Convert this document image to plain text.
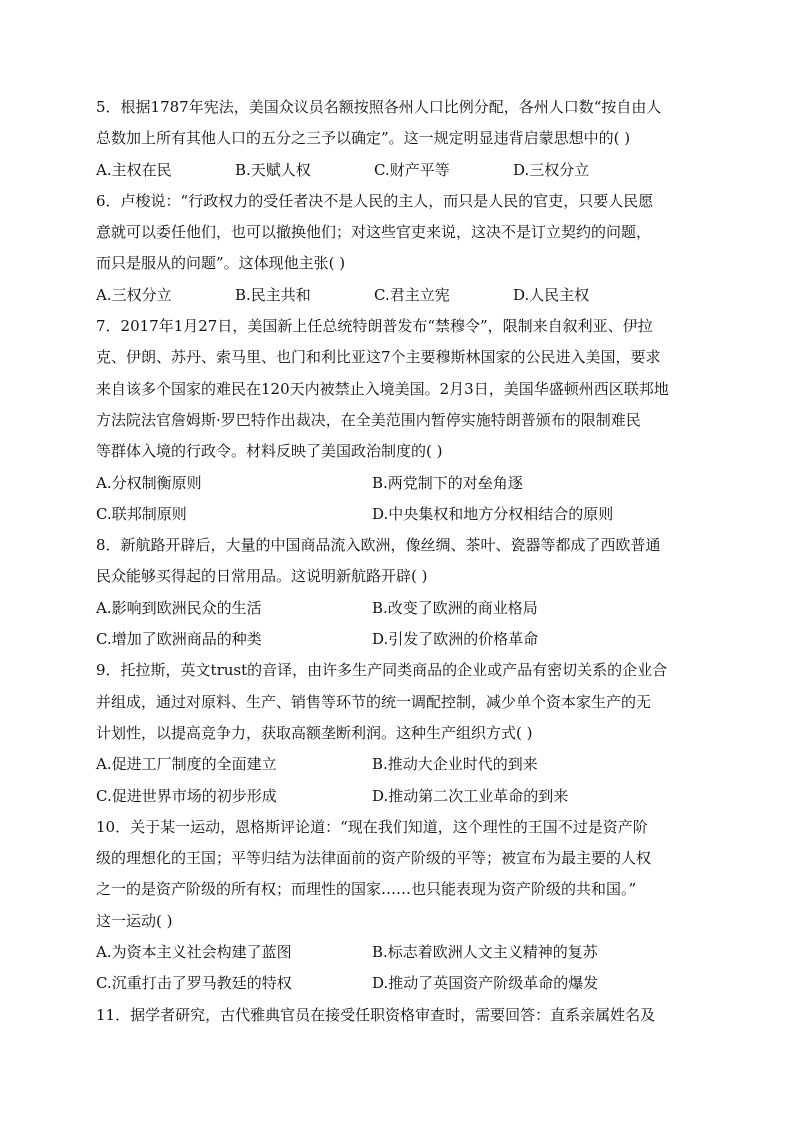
5．根据1787年宪法，美国众议员名额按照各州人口比例分配，各州人口数“按自由人
总数加上所有其他人口的五分之三予以确定”。这一规定明显违背启蒙思想中的( )
A.主权在民	B.天赋人权	C.财产平等	D.三权分立
6．卢梭说：“行政权力的受任者决不是人民的主人，而只是人民的官吏，只要人民愿
意就可以委任他们，也可以撤换他们；对这些官吏来说，这决不是订立契约的问题，
而只是服从的问题”。这体现他主张( )
A.三权分立	B.民主共和	C.君主立宪	D.人民主权
7．2017年1月27日，美国新上任总统特朗普发布“禁穆令”，限制来自叙利亚、伊拉
克、伊朗、苏丹、索马里、也门和利比亚这7个主要穆斯林国家的公民进入美国，要求
来自该多个国家的难民在120天内被禁止入境美国。2月3日，美国华盛顿州西区联邦地
方法院法官詹姆斯·罗巴特作出裁决，在全美范围内暂停实施特朗普颁布的限制难民
等群体入境的行政令。材料反映了美国政治制度的( )
A.分权制衡原则	B.两党制下的对垒角逐
C.联邦制原则	D.中央集权和地方分权相结合的原则
8．新航路开辟后，大量的中国商品流入欧洲，像丝绸、茶叶、瓷器等都成了西欧普通
民众能够买得起的日常用品。这说明新航路开辟( )
A.影响到欧洲民众的生活	B.改变了欧洲的商业格局
C.增加了欧洲商品的种类	D.引发了欧洲的价格革命
9．托拉斯，英文trust的音译，由许多生产同类商品的企业或产品有密切关系的企业合
并组成，通过对原料、生产、销售等环节的统一调配控制，减少单个资本家生产的无
计划性，以提高竞争力，获取高额垄断利润。这种生产组织方式( )
A.促进工厂制度的全面建立	B.推动大企业时代的到来
C.促进世界市场的初步形成	D.推动第二次工业革命的到来
10．关于某一运动，恩格斯评论道：“现在我们知道，这个理性的王国不过是资产阶
级的理想化的王国；平等归结为法律面前的资产阶级的平等；被宣布为最主要的人权
之一的是资产阶级的所有权；而理性的国家……也只能表现为资产阶级的共和国。”
这一运动( )
A.为资本主义社会构建了蓝图	B.标志着欧洲人文主义精神的复苏
C.沉重打击了罗马教廷的特权	D.推动了英国资产阶级革命的爆发
11．据学者研究，古代雅典官员在接受任职资格审查时，需要回答：直系亲属姓名及
